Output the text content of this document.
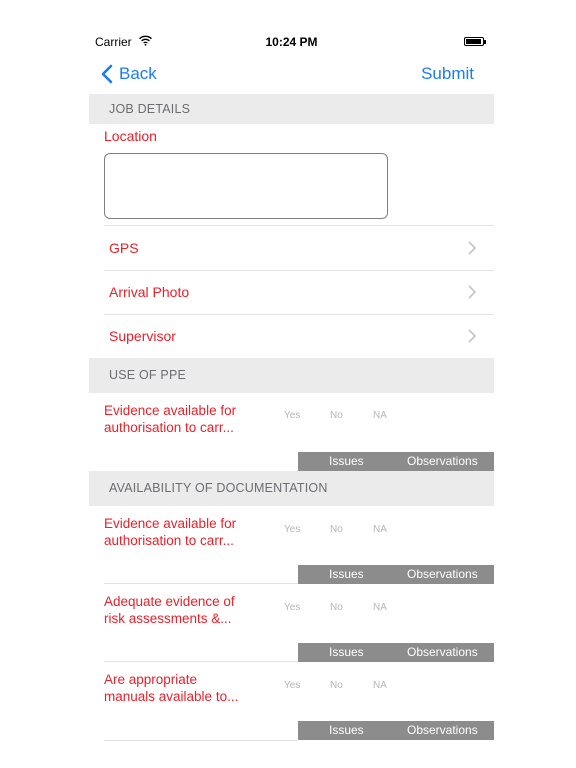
Carrier	10:24 PM
Back	Submit
JOB DETAILS
Location
GPS
Arrival Photo
Supervisor
USE OF PPE
Evidence available for
authorisation to carr...
Yes	No	NA
Issues	Observations
AVAILABILITY OF DOCUMENTATION
Evidence available for
authorisation to carr...
Yes	No	NA
Issues	Observations
Adequate evidence of
risk assessments &...
Yes	No	NA
Issues	Observations
Are appropriate
manuals available to...
Yes	No	NA
Issues	Observations
